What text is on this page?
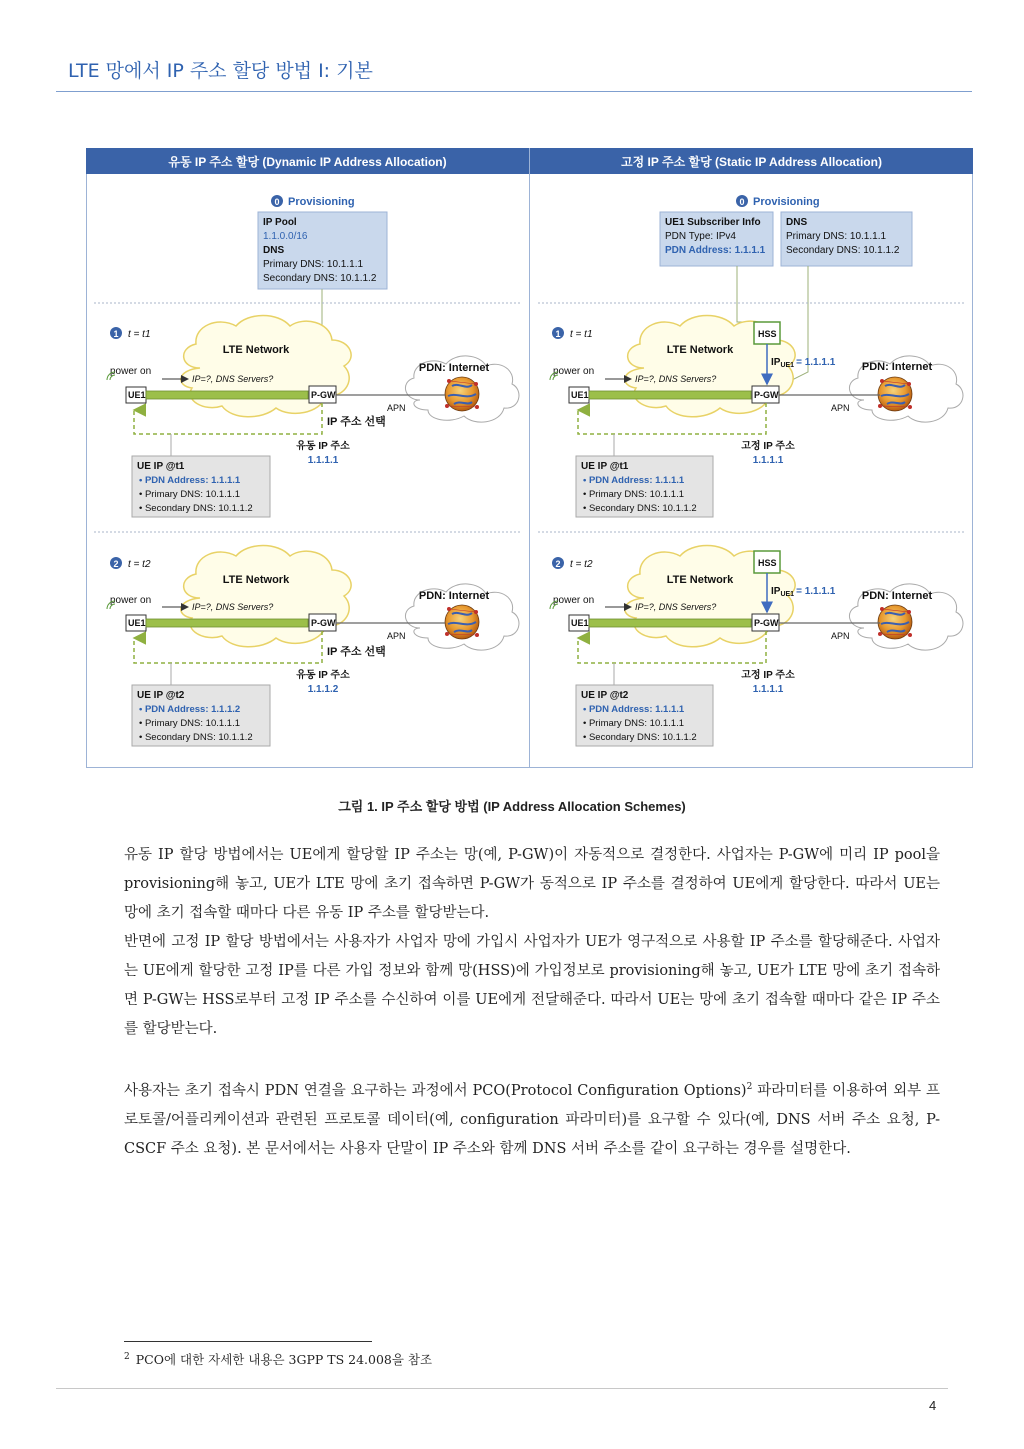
LTE 망에서 IP 주소 할당 방법 I: 기본
유동 IP 주소 할당 (Dynamic IP Address Allocation)	고정 IP 주소 할당 (Static IP Address Allocation)
0 Provisioning
IP Pool
1.1.0.0/16
DNS
Primary DNS: 10.1.1.1
Secondary DNS: 10.1.1.2
1 t = t1
LTE Network
PDN: Internet
power on
UE1
IP=?, DNS Servers?
P-GW
APN
IP 주소 선택
유동 IP 주소
1.1.1.1
UE IP @t1
• PDN Address: 1.1.1.1
• Primary DNS: 10.1.1.1
• Secondary DNS: 10.1.1.2
2 t = t2
LTE Network
PDN: Internet
power on
UE1
IP=?, DNS Servers?
P-GW
APN
IP 주소 선택
유동 IP 주소
1.1.1.2
UE IP @t2
• PDN Address: 1.1.1.2
• Primary DNS: 10.1.1.1
• Secondary DNS: 10.1.1.2
0 Provisioning
UE1 Subscriber Info
PDN Type: IPv4
PDN Address: 1.1.1.1
DNS
Primary DNS: 10.1.1.1
Secondary DNS: 10.1.1.2
1 t = t1
LTE Network
HSS
$IP_{UE1} = 1.1.1.1$ PDN: Internet
power on
UE1
IP=?, DNS Servers?
P-GW
APN
고정 IP 주소
1.1.1.1
UE IP @t1
• PDN Address: 1.1.1.1
• Primary DNS: 10.1.1.1
• Secondary DNS: 10.1.1.2
2 t = t2
LTE Network
HSS
$IP_{UE1} = 1.1.1.1$ PDN: Internet
power on
UE1
IP=?, DNS Servers?
P-GW
APN
고정 IP 주소
1.1.1.1
UE IP @t2
• PDN Address: 1.1.1.1
• Primary DNS: 10.1.1.1
• Secondary DNS: 10.1.1.2
그림 1. IP 주소 할당 방법 (IP Address Allocation Schemes)

유동 IP 할당 방법에서는 UE에게 할당할 IP 주소는 망(예, P-GW)이 자동적으로 결정한다. 사업자는 P-GW에 미리 IP pool을 provisioning해 놓고, UE가 LTE 망에 초기 접속하면 P-GW가 동적으로 IP 주소를 결정하여 UE에게 할당한다. 따라서 UE는 망에 초기 접속할 때마다 다른 유동 IP 주소를 할당받는다.

반면에 고정 IP 할당 방법에서는 사용자가 사업자 망에 가입시 사업자가 UE가 영구적으로 사용할 IP 주소를 할당해준다. 사업자는 UE에게 할당한 고정 IP를 다른 가입 정보와 함께 망(HSS)에 가입정보로 provisioning해 놓고, UE가 LTE 망에 초기 접속하면 P-GW는 HSS로부터 고정 IP 주소를 수신하여 이를 UE에게 전달해준다. 따라서 UE는 망에 초기 접속할 때마다 같은 IP 주소를 할당받는다.

사용자는 초기 접속시 PDN 연결을 요구하는 과정에서 PCO(Protocol Configuration Options)$^2$ 파라미터를 이용하여 외부 프로토콜/어플리케이션과 관련된 프로토콜 데이터(예, configuration 파라미터)를 요구할 수 있다(예, DNS 서버 주소 요청, P-CSCF 주소 요청). 본 문서에서는 사용자 단말이 IP 주소와 함께 DNS 서버 주소를 같이 요구하는 경우를 설명한다.

$^2$ PCO에 대한 자세한 내용은 3GPP TS 24.008을 참조
4
